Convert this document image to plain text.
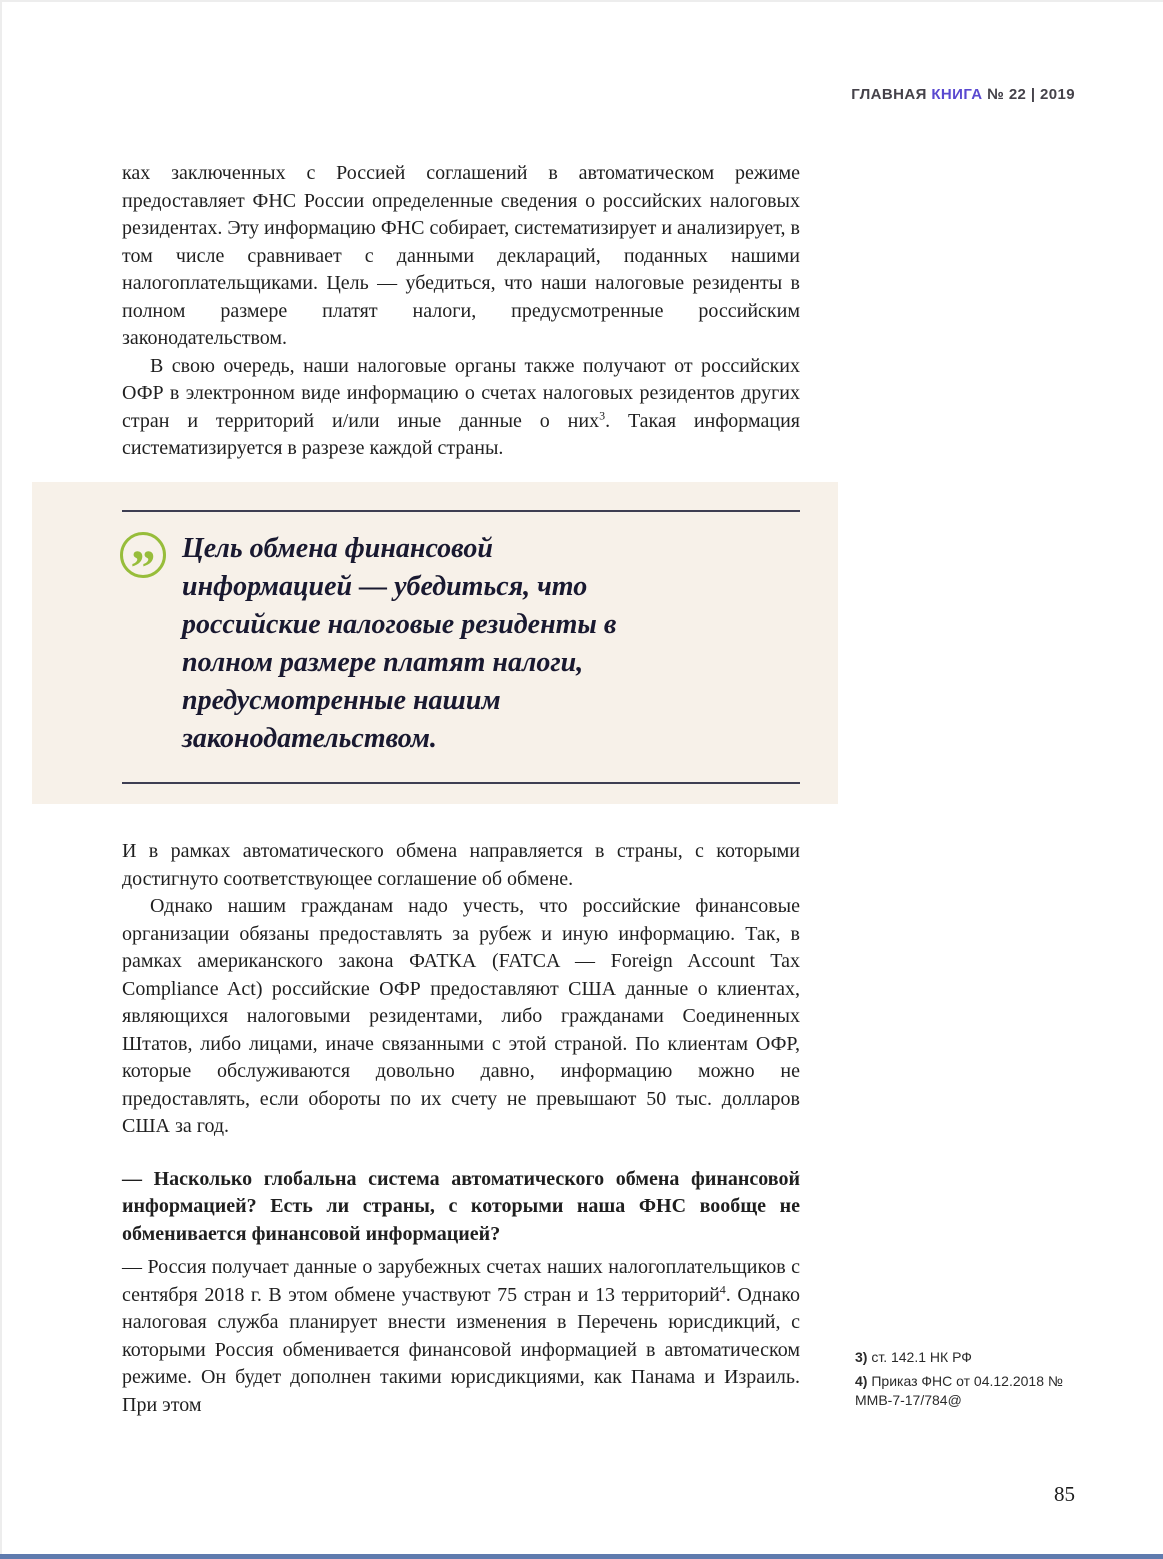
ГЛАВНАЯ КНИГА № 22 | 2019

ках заключенных с Россией соглашений в автоматическом режиме предоставляет ФНС России определенные сведения о российских налоговых резидентах. Эту информацию ФНС собирает, систематизирует и анализирует, в том числе сравнивает с данными деклараций, поданных нашими налогоплательщиками. Цель — убедиться, что наши налоговые резиденты в полном размере платят налоги, предусмотренные российским законодательством.

В свою очередь, наши налоговые органы также получают от российских ОФР в электронном виде информацию о счетах налоговых резидентов других стран и территорий и/или иные данные о них$^3$. Такая информация систематизируется в разрезе каждой страны.

” Цель обмена финансовой информацией — убедиться, что российские налоговые резиденты в полном размере платят налоги, предусмотренные нашим законодательством.

И в рамках автоматического обмена направляется в страны, с которыми достигнуто соответствующее соглашение об обмене.

Однако нашим гражданам надо учесть, что российские финансовые организации обязаны предоставлять за рубеж и иную информацию. Так, в рамках американского закона ФАТКА (FATCA — Foreign Account Tax Compliance Act) российские ОФР предоставляют США данные о клиентах, являющихся налоговыми резидентами, либо гражданами Соединенных Штатов, либо лицами, иначе связанными с этой страной. По клиентам ОФР, которые обслуживаются довольно давно, информацию можно не предоставлять, если обороты по их счету не превышают 50 тыс. долларов США за год.

— Насколько глобальна система автоматического обмена финансовой информацией? Есть ли страны, с которыми наша ФНС вообще не обменивается финансовой информацией?

— Россия получает данные о зарубежных счетах наших налогоплательщиков с сентября 2018 г. В этом обмене участвуют 75 стран и 13 территорий$^4$. Однако налоговая служба планирует внести изменения в Перечень юрисдикций, с которыми Россия обменивается финансовой информацией в автоматическом режиме. Он будет дополнен такими юрисдикциями, как Панама и Израиль. При этом

3) ст. 142.1 НК РФ

4) Приказ ФНС от 04.12.2018 № ММВ-7-17/784@

85
